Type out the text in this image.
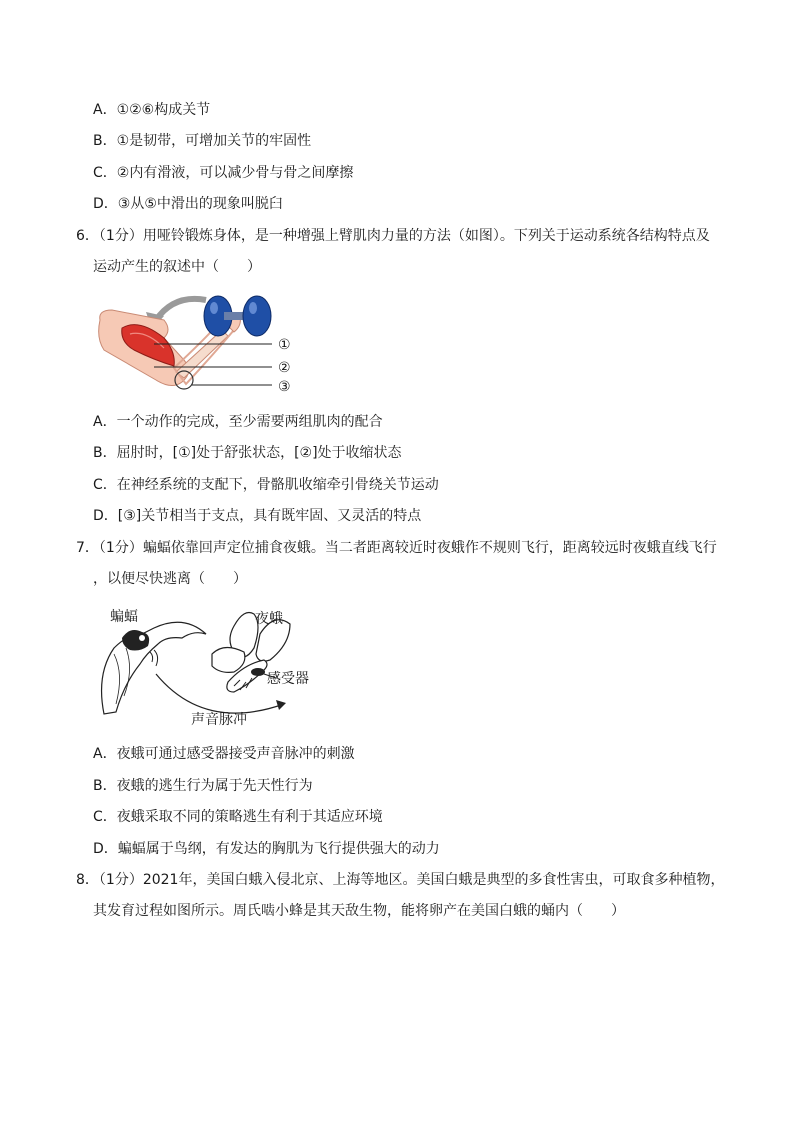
A．①②⑥构成关节
B．①是韧带，可增加关节的牢固性
C．②内有滑液，可以减少骨与骨之间摩擦
D．③从⑤中滑出的现象叫脱臼
6．（1分）用哑铃锻炼身体，是一种增强上臂肌肉力量的方法（如图）。下列关于运动系统各结构特点及
运动产生的叙述中（　　）
①
②
③
A．一个动作的完成，至少需要两组肌肉的配合
B．屈肘时，[①]处于舒张状态，[②]处于收缩状态
C．在神经系统的支配下，骨骼肌收缩牵引骨绕关节运动
D．[③]关节相当于支点，具有既牢固、又灵活的特点
7．（1分）蝙蝠依靠回声定位捕食夜蛾。当二者距离较近时夜蛾作不规则飞行，距离较远时夜蛾直线飞行
，以便尽快逃离（　　）
蝙蝠	夜蛾
感受器
声音脉冲
A．夜蛾可通过感受器接受声音脉冲的刺激
B．夜蛾的逃生行为属于先天性行为
C．夜蛾采取不同的策略逃生有利于其适应环境
D．蝙蝠属于鸟纲，有发达的胸肌为飞行提供强大的动力
8．（1分）2021年，美国白蛾入侵北京、上海等地区。美国白蛾是典型的多食性害虫，可取食多种植物，
其发育过程如图所示。周氏啮小蜂是其天敌生物，能将卵产在美国白蛾的蛹内（　　）
